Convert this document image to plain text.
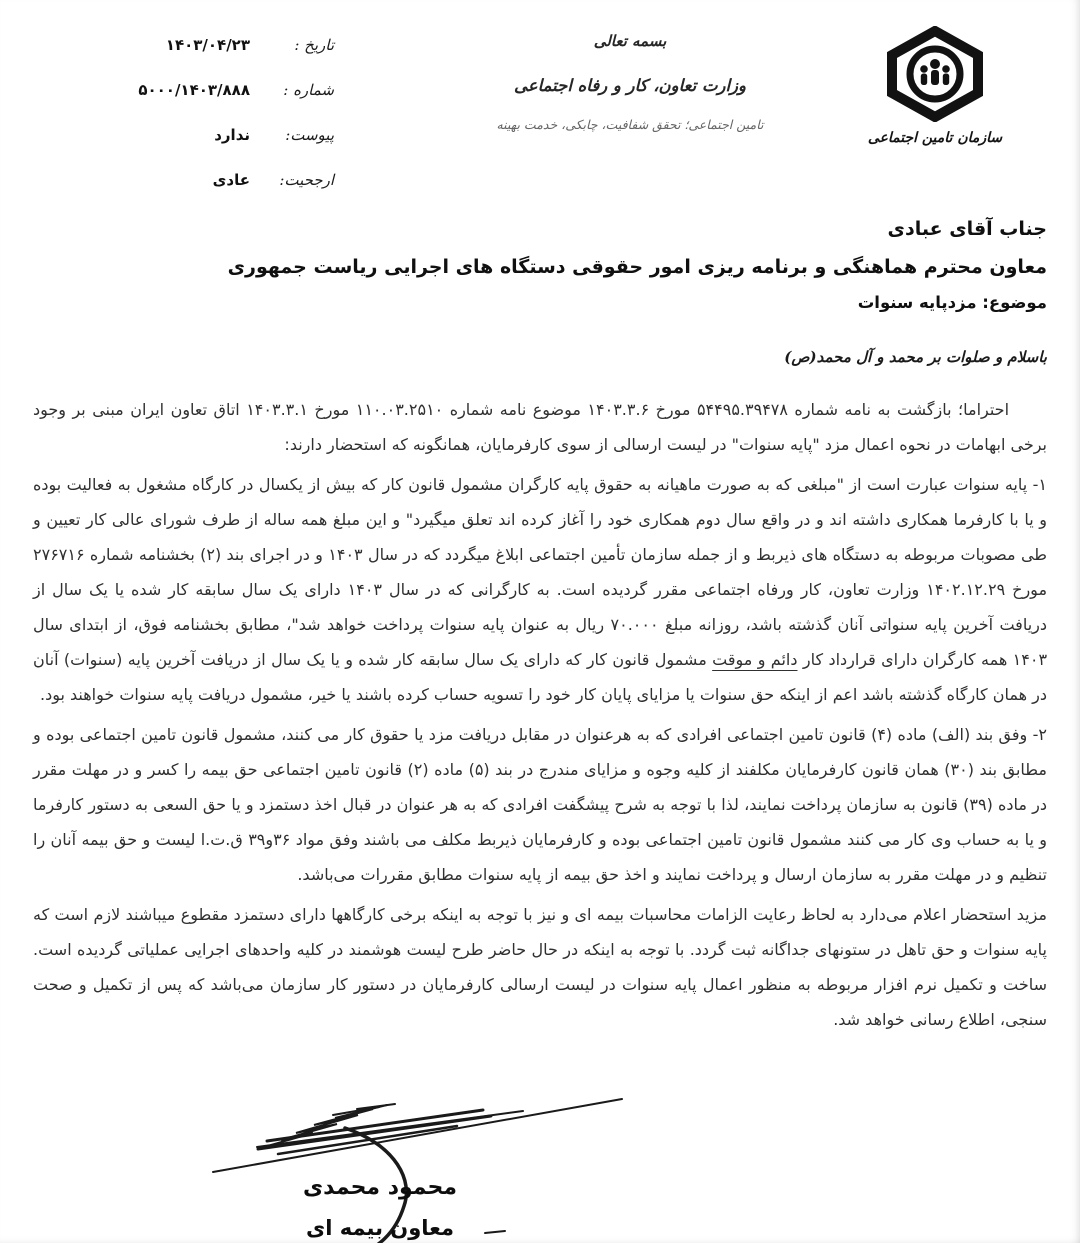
تاریخ :
۱۴۰۳/۰۴/۲۳
شماره :
۵۰۰۰/۱۴۰۳/۸۸۸
پیوست:
ندارد
ارجحیت:
عادی
بسمه تعالی
وزارت تعاون، کار و رفاه اجتماعی
تامین اجتماعی؛ تحقق شفافیت، چابکی، خدمت بهینه
سازمان تامین اجتماعی
جناب آقای عبادی
معاون محترم هماهنگی و برنامه ریزی امور حقوقی دستگاه های اجرایی ریاست جمهوری
موضوع: مزدپایه سنوات
باسلام و صلوات بر محمد و آل محمد(ص)

احتراما؛ بازگشت به نامه شماره ۵۴۴۹۵.۳۹۴۷۸ مورخ ۱۴۰۳.۳.۶ موضوع نامه شماره ۱۱۰.۰۳.۲۵۱۰ مورخ ۱۴۰۳.۳.۱ اتاق تعاون ایران مبنی بر وجود برخی ابهامات در نحوه اعمال مزد "پایه سنوات" در لیست ارسالی از سوی کارفرمایان، همانگونه که استحضار دارند:

۱- پایه سنوات عبارت است از "مبلغی که به صورت ماهیانه به حقوق پایه کارگران مشمول قانون کار که بیش از یکسال در کارگاه مشغول به فعالیت بوده و یا با کارفرما همکاری داشته اند و در واقع سال دوم همکاری خود را آغاز کرده اند تعلق میگیرد" و این مبلغ همه ساله از طرف شورای عالی کار تعیین و طی مصوبات مربوطه به دستگاه های ذیربط و از جمله سازمان تأمین اجتماعی ابلاغ میگردد که در سال ۱۴۰۳ و در اجرای بند (۲) بخشنامه شماره ۲۷۶۷۱۶ مورخ ۱۴۰۲.۱۲.۲۹ وزارت تعاون، کار ورفاه اجتماعی مقرر گردیده است. به کارگرانی که در سال ۱۴۰۳ دارای یک سال سابقه کار شده یا یک سال از دریافت آخرین پایه سنواتی آنان گذشته باشد، روزانه مبلغ ۷۰.۰۰۰ ریال به عنوان پایه سنوات پرداخت خواهد شد"، مطابق بخشنامه فوق، از ابتدای سال ۱۴۰۳ همه کارگران دارای قرارداد کار دائم و موقت مشمول قانون کار که دارای یک سال سابقه کار شده و یا یک سال از دریافت آخرین پایه (سنوات) آنان در همان کارگاه گذشته باشد اعم از اینکه حق سنوات یا مزایای پایان کار خود را تسویه حساب کرده باشند یا خیر، مشمول دریافت پایه سنوات خواهند بود.

۲- وفق بند (الف) ماده (۴) قانون تامین اجتماعی افرادی که به هرعنوان در مقابل دریافت مزد یا حقوق کار می کنند، مشمول قانون تامین اجتماعی بوده و مطابق بند (۳۰) همان قانون کارفرمایان مکلفند از کلیه وجوه و مزایای مندرج در بند (۵) ماده (۲) قانون تامین اجتماعی حق بیمه را کسر و در مهلت مقرر در ماده (۳۹) قانون به سازمان پرداخت نمایند، لذا با توجه به شرح پیشگفت افرادی که به هر عنوان در قبال اخذ دستمزد و یا حق السعی به دستور کارفرما و یا به حساب وی کار می کنند مشمول قانون تامین اجتماعی بوده و کارفرمایان ذیربط مکلف می باشند وفق مواد ۳۶و۳۹ ق.ت.ا لیست و حق بیمه آنان را تنظیم و در مهلت مقرر به سازمان ارسال و پرداخت نمایند و اخذ حق بیمه از پایه سنوات مطابق مقررات می‌باشد.

مزید استحضار اعلام می‌دارد به لحاظ رعایت الزامات محاسبات بیمه ای و نیز با توجه به اینکه برخی کارگاهها دارای دستمزد مقطوع میباشند لازم است که پایه سنوات و حق تاهل در ستونهای جداگانه ثبت گردد. با توجه به اینکه در حال حاضر طرح لیست هوشمند در کلیه واحدهای اجرایی عملیاتی گردیده است. ساخت و تکمیل نرم افزار مربوطه به منظور اعمال پایه سنوات در لیست ارسالی کارفرمایان در دستور کار سازمان می‌باشد که پس از تکمیل و صحت سنجی، اطلاع رسانی خواهد شد.

محمود محمدی
معاون بیمه ای
